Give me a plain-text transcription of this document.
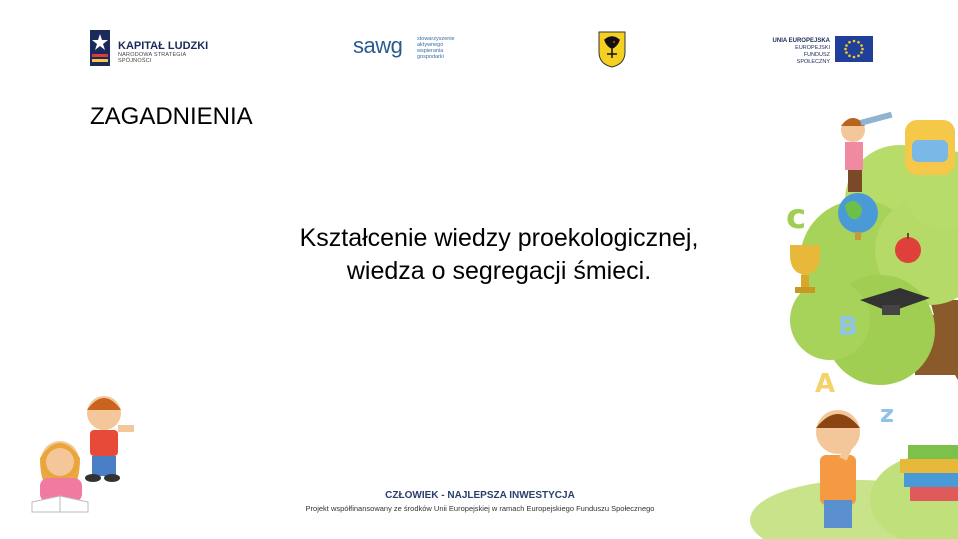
c
B
A
z
KAPITAŁ LUDZKI
NARODOWA STRATEGIA SPÓJNOŚCI
sawg	stowarzyszenie
aktywnego
wspierania
gospodarki
UNIA EUROPEJSKA
EUROPEJSKI
FUNDUSZ SPOŁECZNY
ZAGADNIENIA
Kształcenie wiedzy proekologicznej,
wiedza o segregacji śmieci.
CZŁOWIEK - NAJLEPSZA INWESTYCJA
Projekt współfinansowany ze środków Unii Europejskiej w ramach Europejskiego Funduszu Społecznego
